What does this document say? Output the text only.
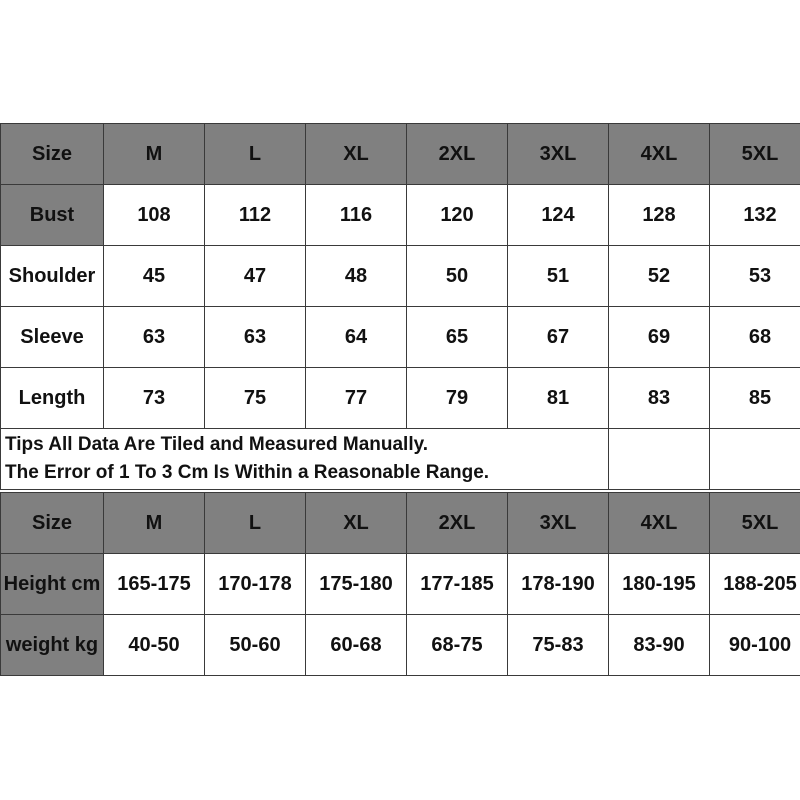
Size	M	L	XL	2XL	3XL	4XL	5XL
Bust	108	112	116	120	124	128	132
Shoulder	45	47	48	50	51	52	53
Sleeve	63	63	64	65	67	69	68
Length	73	75	77	79	81	83	85

Tips All Data Are Tiled and Measured Manually.
The Error of 1 To 3 Cm Is Within a Reasonable Range.							

Size	M	L	XL	2XL	3XL	4XL	5XL
Height cm	165-175	170-178	175-180	177-185	178-190	180-195	188-205
weight kg	40-50	50-60	60-68	68-75	75-83	83-90	90-100
